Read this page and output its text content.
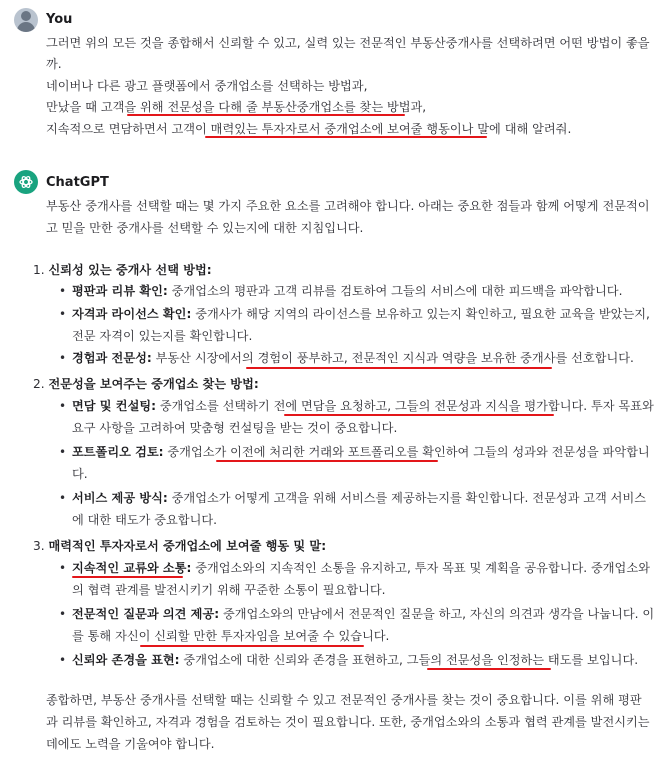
You
그러면 위의 모든 것을 종합해서 신뢰할 수 있고, 실력 있는 전문적인 부동산중개사를 선택하려면 어떤 방법이 좋을
까.
네이버나 다른 광고 플랫폼에서 중개업소를 선택하는 방법과,
만났을 때 고객을 위해 전문성을 다해 줄 부동산중개업소를 찾는 방법과,
지속적으로 면담하면서 고객이 매력있는 투자자로서 중개업소에 보여줄 행동이나 말에 대해 알려줘.
ChatGPT
부동산 중개사를 선택할 때는 몇 가지 주요한 요소를 고려해야 합니다. 아래는 중요한 점들과 함께 어떻게 전문적이
고 믿을 만한 중개사를 선택할 수 있는지에 대한 지침입니다.
1. 신뢰성 있는 중개사 선택 방법:
• 평판과 리뷰 확인: 중개업소의 평판과 고객 리뷰를 검토하여 그들의 서비스에 대한 피드백을 파악합니다.
• 자격과 라이선스 확인: 중개사가 해당 지역의 라이선스를 보유하고 있는지 확인하고, 필요한 교육을 받았는지,
전문 자격이 있는지를 확인합니다.
• 경험과 전문성: 부동산 시장에서의 경험이 풍부하고, 전문적인 지식과 역량을 보유한 중개사를 선호합니다.
2. 전문성을 보여주는 중개업소 찾는 방법:
• 면담 및 컨설팅: 중개업소를 선택하기 전에 면담을 요청하고, 그들의 전문성과 지식을 평가합니다. 투자 목표와
요구 사항을 고려하여 맞춤형 컨설팅을 받는 것이 중요합니다.
• 포트폴리오 검토: 중개업소가 이전에 처리한 거래와 포트폴리오를 확인하여 그들의 성과와 전문성을 파악합니
다.
• 서비스 제공 방식: 중개업소가 어떻게 고객을 위해 서비스를 제공하는지를 확인합니다. 전문성과 고객 서비스
에 대한 태도가 중요합니다.
3. 매력적인 투자자로서 중개업소에 보여줄 행동 및 말:
• 지속적인 교류와 소통: 중개업소와의 지속적인 소통을 유지하고, 투자 목표 및 계획을 공유합니다. 중개업소와
의 협력 관계를 발전시키기 위해 꾸준한 소통이 필요합니다.
• 전문적인 질문과 의견 제공: 중개업소와의 만남에서 전문적인 질문을 하고, 자신의 의견과 생각을 나눕니다. 이
를 통해 자신이 신뢰할 만한 투자자임을 보여줄 수 있습니다.
• 신뢰와 존경을 표현: 중개업소에 대한 신뢰와 존경을 표현하고, 그들의 전문성을 인정하는 태도를 보입니다.
종합하면, 부동산 중개사를 선택할 때는 신뢰할 수 있고 전문적인 중개사를 찾는 것이 중요합니다. 이를 위해 평판
과 리뷰를 확인하고, 자격과 경험을 검토하는 것이 필요합니다. 또한, 중개업소와의 소통과 협력 관계를 발전시키는
데에도 노력을 기울여야 합니다.
